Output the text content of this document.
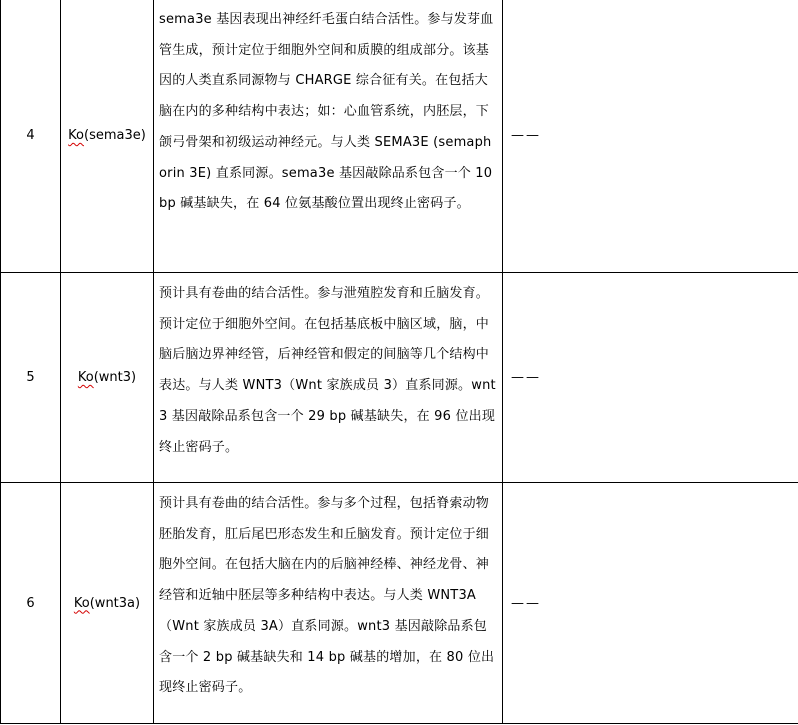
4	Ko(sema3e)	sema3e 基因表现出神经纤毛蛋白结合活性。参与发芽血管生成，预计定位于细胞外空间和质膜的组成部分。该基因的人类直系同源物与 CHARGE 综合征有关。在包括大脑在内的多种结构中表达；如：心血管系统，内胚层，下颌弓骨架和初级运动神经元。与人类 SEMA3E (semaphorin 3E) 直系同源。sema3e 基因敲除品系包含一个 10 bp 碱基缺失，在 64 位氨基酸位置出现终止密码子。	——
5	Ko(wnt3)	预计具有卷曲的结合活性。参与泄殖腔发育和丘脑发育。预计定位于细胞外空间。在包括基底板中脑区域，脑，中脑后脑边界神经管，后神经管和假定的间脑等几个结构中表达。与人类 WNT3（Wnt 家族成员 3）直系同源。wnt3 基因敲除品系包含一个 29 bp 碱基缺失，在 96 位出现终止密码子。	——
6	Ko(wnt3a)	预计具有卷曲的结合活性。参与多个过程，包括脊索动物胚胎发育，肛后尾巴形态发生和丘脑发育。预计定位于细胞外空间。在包括大脑在内的后脑神经棒、神经龙骨、神经管和近轴中胚层等多种结构中表达。与人类 WNT3A（Wnt 家族成员 3A）直系同源。wnt3 基因敲除品系包含一个 2 bp 碱基缺失和 14 bp 碱基的增加，在 80 位出现终止密码子。	——
